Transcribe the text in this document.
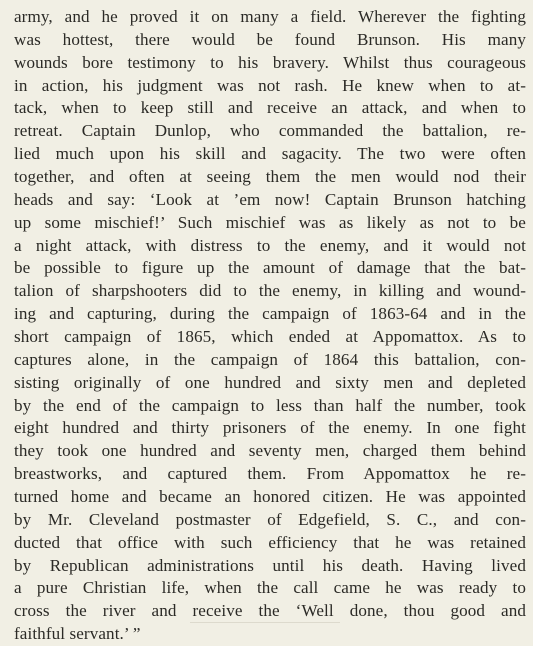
army, and he proved it on many a field. Wherever the fighting
was hottest, there would be found Brunson. His many
wounds bore testimony to his bravery. Whilst thus courageous
in action, his judgment was not rash. He knew when to at-
tack, when to keep still and receive an attack, and when to
retreat. Captain Dunlop, who commanded the battalion, re-
lied much upon his skill and sagacity. The two were often
together, and often at seeing them the men would nod their
heads and say: ‘Look at ’em now! Captain Brunson hatching
up some mischief!’ Such mischief was as likely as not to be
a night attack, with distress to the enemy, and it would not
be possible to figure up the amount of damage that the bat-
talion of sharpshooters did to the enemy, in killing and wound-
ing and capturing, during the campaign of 1863-64 and in the
short campaign of 1865, which ended at Appomattox. As to
captures alone, in the campaign of 1864 this battalion, con-
sisting originally of one hundred and sixty men and depleted
by the end of the campaign to less than half the number, took
eight hundred and thirty prisoners of the enemy. In one fight
they took one hundred and seventy men, charged them behind
breastworks, and captured them. From Appomattox he re-
turned home and became an honored citizen. He was appointed
by Mr. Cleveland postmaster of Edgefield, S. C., and con-
ducted that office with such efficiency that he was retained
by Republican administrations until his death. Having lived
a pure Christian life, when the call came he was ready to
cross the river and receive the ‘Well done, thou good and
faithful servant.’ ”
